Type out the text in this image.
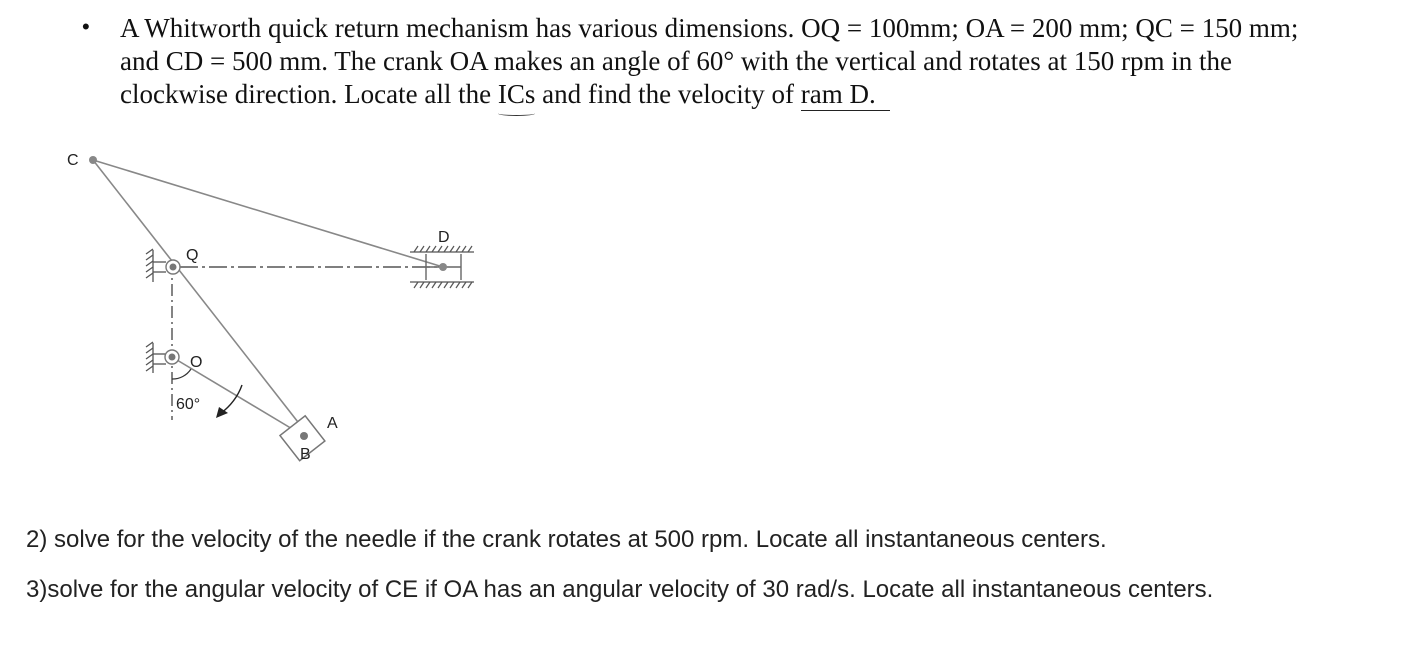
• A Whitworth quick return mechanism has various dimensions. OQ = 100mm; OA = 200 mm; QC = 150 mm;
and CD = 500 mm. The crank OA makes an angle of 60° with the vertical and rotates at 150 rpm in the
clockwise direction. Locate all the ICs and find the velocity of ram D.
C
Q
O
D
A
B
60°
2) solve for the velocity of the needle if the crank rotates at 500 rpm. Locate all instantaneous centers.
3)solve for the angular velocity of CE if OA has an angular velocity of 30 rad/s. Locate all instantaneous centers.
